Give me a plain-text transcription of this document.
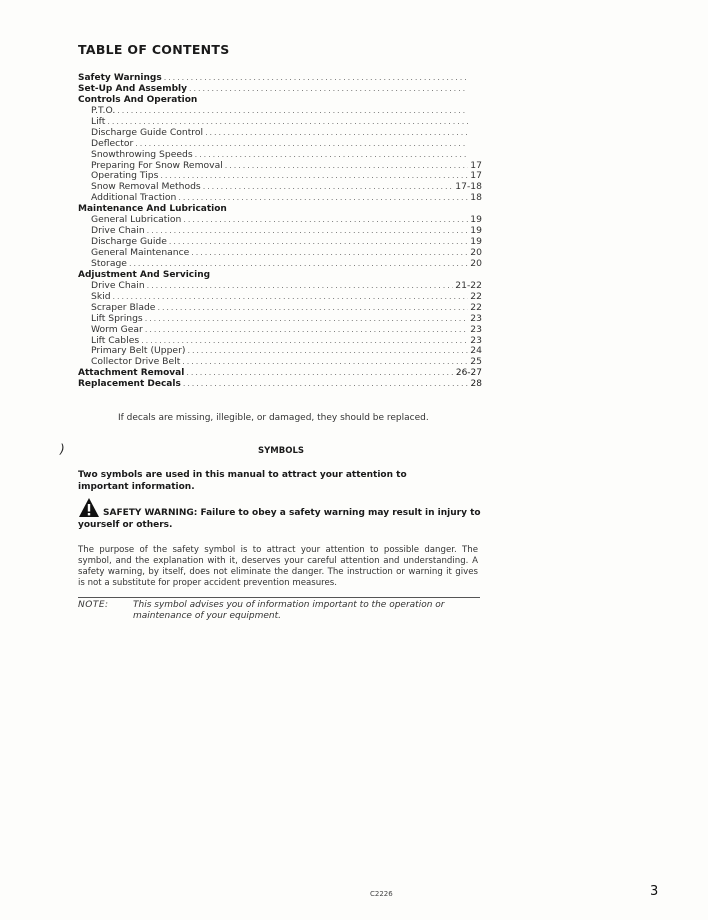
TABLE OF CONTENTS
Safety Warnings
. . .
Set-Up And Assembly
. . .
Controls And Operation
P.T.O.
. . .
Lift
. . .
Discharge Guide Control
. . .
Deflector
. . .
Snowthrowing Speeds
. . .
Preparing For Snow Removal . . .	17
Operating Tips . . .	17
Snow Removal Methods . . .	17-18
Additional Traction . . .	18
Maintenance And Lubrication
General Lubrication . . .	19
Drive Chain . . .	19
Discharge Guide . . .	19
General Maintenance . . .	20
Storage . . .	20
Adjustment And Servicing
Drive Chain . . .	21-22
Skid . . .	22
Scraper Blade . . .	22
Lift Springs . . .	23
Worm Gear . . .	23
Lift Cables . . .	23
Primary Belt (Upper) . . .	24
Collector Drive Belt . . .	25
Attachment Removal . . .	26-27
Replacement Decals . . .	28
If decals are missing, illegible, or damaged, they should be replaced.
)	SYMBOLS
Two symbols are used in this manual to attract your attention to important information.
SAFETY WARNING: Failure to obey a safety warning may result in injury to yourself or others.
The purpose of the safety symbol is to attract your attention to possible danger. The symbol, and the explanation with it, deserves your careful attention and understanding. A safety warning, by itself, does not eliminate the danger. The instruction or warning it gives is not a substitute for proper accident prevention measures.
NOTE:	This symbol advises you of information important to the operation or maintenance of your equipment.
C2226	3
